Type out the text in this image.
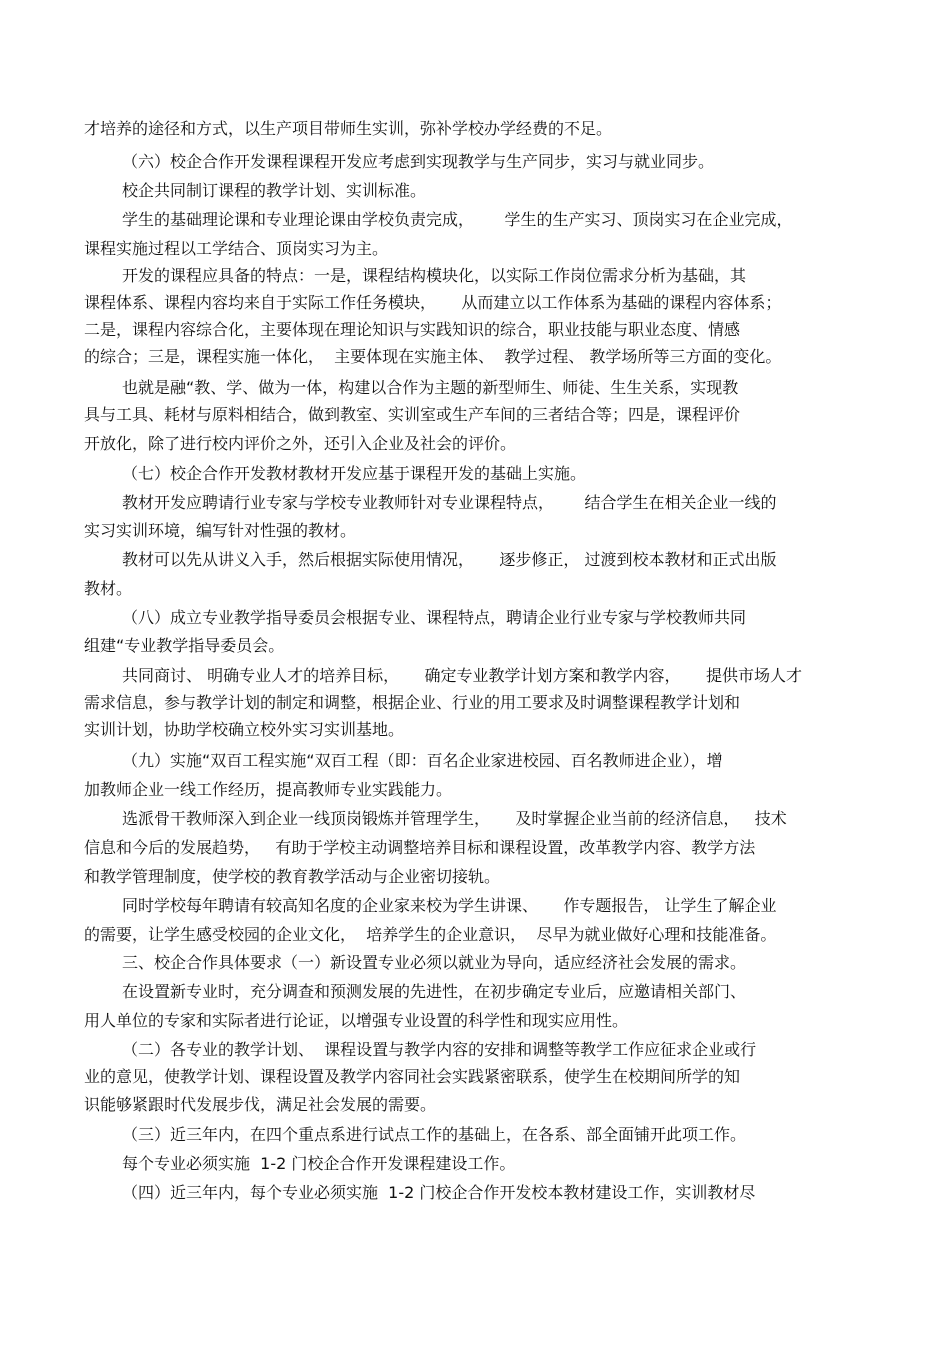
才培养的途径和方式，以生产项目带师生实训，弥补学校办学经费的不足。
（六）校企合作开发课程课程开发应考虑到实现教学与生产同步，实习与就业同步。
校企共同制订课程的教学计划、实训标准。
学生的基础理论课和专业理论课由学校负责完成，      学生的生产实习、顶岗实习在企业完成，
课程实施过程以工学结合、顶岗实习为主。
开发的课程应具备的特点：一是，课程结构模块化，以实际工作岗位需求分析为基础，其
课程体系、课程内容均来自于实际工作任务模块，     从而建立以工作体系为基础的课程内容体系；
二是，课程内容综合化，主要体现在理论知识与实践知识的综合，职业技能与职业态度、情感
的综合；三是，课程实施一体化，  主要体现在实施主体、  教学过程、 教学场所等三方面的变化。
也就是融“教、学、做为一体，构建以合作为主题的新型师生、师徒、生生关系，实现教
具与工具、耗材与原料相结合，做到教室、实训室或生产车间的三者结合等；四是，课程评价
开放化，除了进行校内评价之外，还引入企业及社会的评价。
（七）校企合作开发教材教材开发应基于课程开发的基础上实施。
教材开发应聘请行业专家与学校专业教师针对专业课程特点，      结合学生在相关企业一线的
实习实训环境，编写针对性强的教材。
教材可以先从讲义入手，然后根据实际使用情况，     逐步修正， 过渡到校本教材和正式出版
教材。
（八）成立专业教学指导委员会根据专业、课程特点，聘请企业行业专家与学校教师共同
组建“专业教学指导委员会。
共同商讨、 明确专业人才的培养目标，     确定专业教学计划方案和教学内容，     提供市场人才
需求信息，参与教学计划的制定和调整，根据企业、行业的用工要求及时调整课程教学计划和
实训计划，协助学校确立校外实习实训基地。
（九）实施“双百工程实施“双百工程（即：百名企业家进校园、百名教师进企业），增
加教师企业一线工作经历，提高教师专业实践能力。
选派骨干教师深入到企业一线顶岗锻炼并管理学生，     及时掌握企业当前的经济信息，   技术
信息和今后的发展趋势，   有助于学校主动调整培养目标和课程设置，改革教学内容、教学方法
和教学管理制度，使学校的教育教学活动与企业密切接轨。
同时学校每年聘请有较高知名度的企业家来校为学生讲课、     作专题报告， 让学生了解企业
的需要，让学生感受校园的企业文化，  培养学生的企业意识，  尽早为就业做好心理和技能准备。
三、校企合作具体要求（一）新设置专业必须以就业为导向，适应经济社会发展的需求。
在设置新专业时，充分调查和预测发展的先进性，在初步确定专业后，应邀请相关部门、
用人单位的专家和实际者进行论证，以增强专业设置的科学性和现实应用性。
（二）各专业的教学计划、  课程设置与教学内容的安排和调整等教学工作应征求企业或行
业的意见，使教学计划、课程设置及教学内容同社会实践紧密联系，使学生在校期间所学的知
识能够紧跟时代发展步伐，满足社会发展的需要。
（三）近三年内，在四个重点系进行试点工作的基础上，在各系、部全面铺开此项工作。
每个专业必须实施  1-2 门校企合作开发课程建设工作。
（四）近三年内，每个专业必须实施  1-2 门校企合作开发校本教材建设工作，实训教材尽
